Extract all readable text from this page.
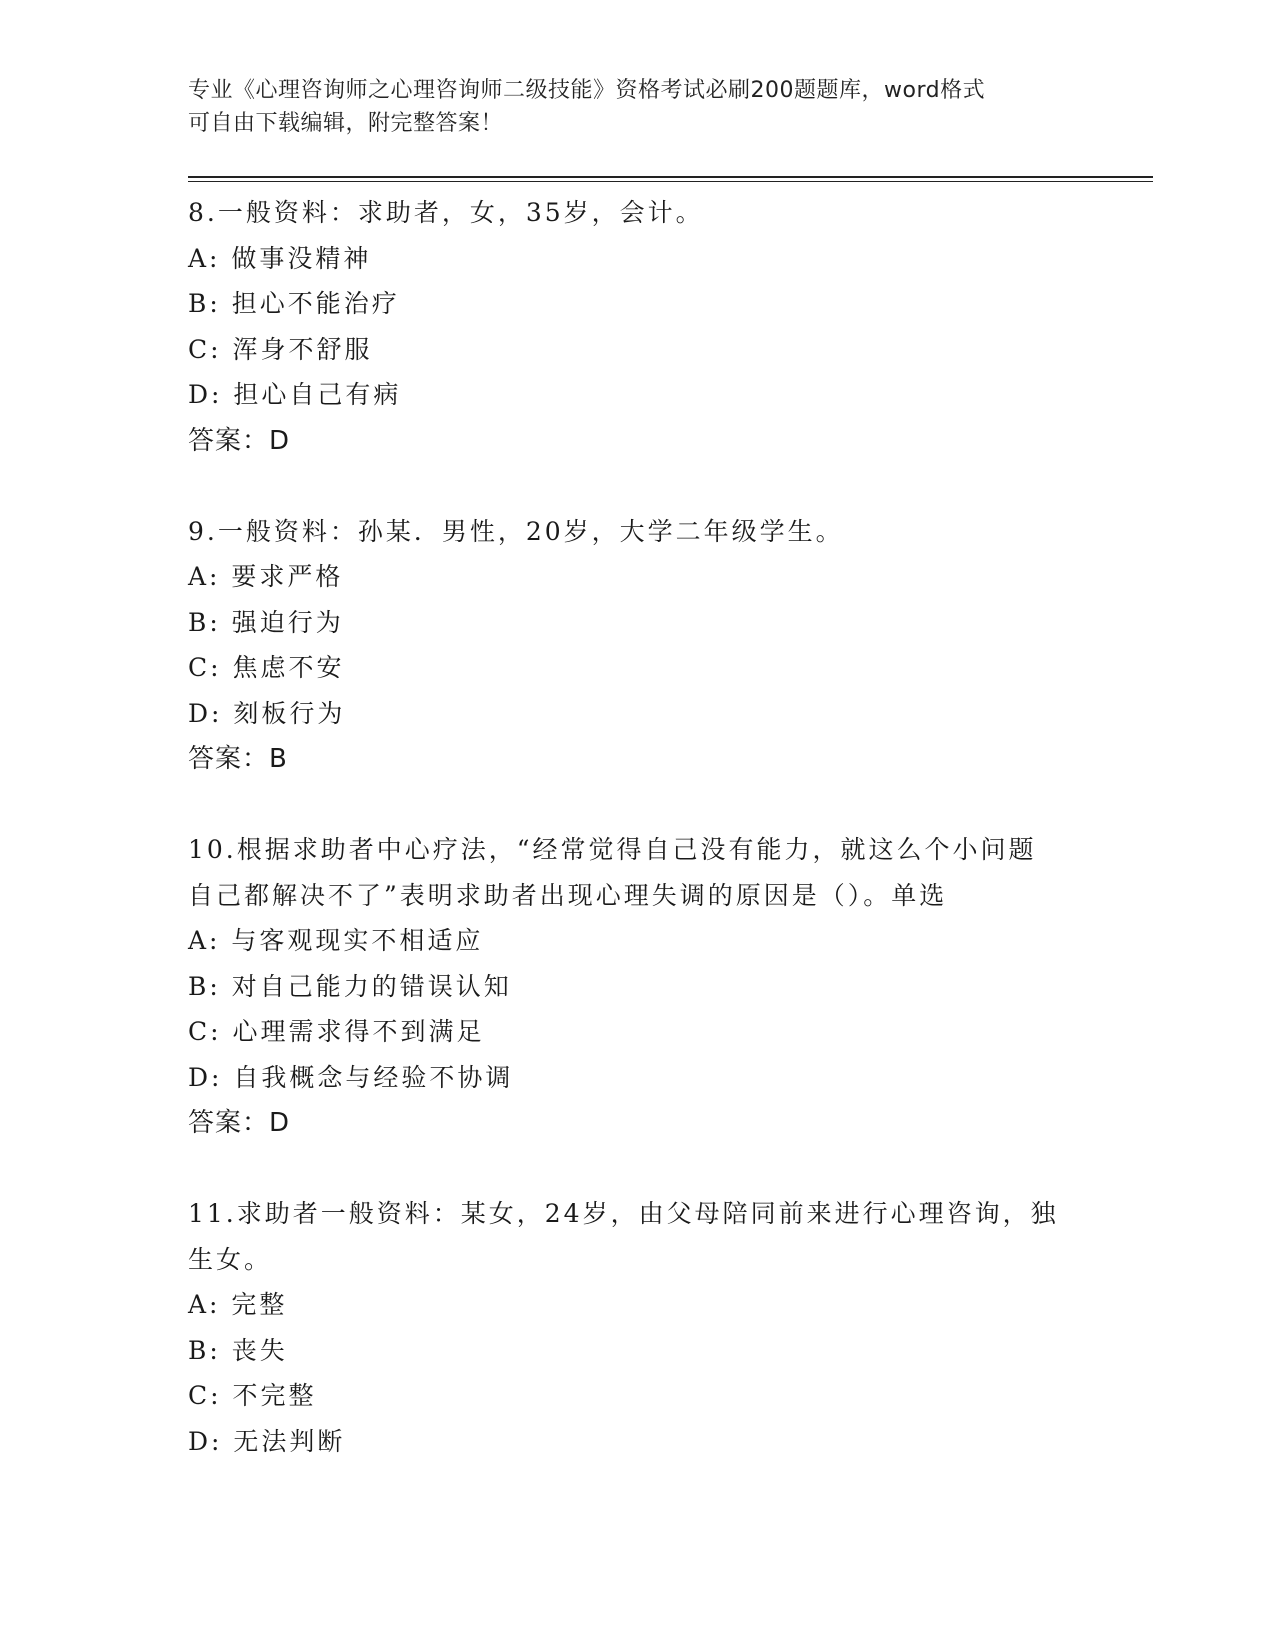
专业《心理咨询师之心理咨询师二级技能》资格考试必刷200题题库，word格式
可自由下载编辑，附完整答案！
8.一般资料：求助者，女，35岁，会计。
A: 做事没精神
B: 担心不能治疗
C: 浑身不舒服
D: 担心自己有病
答案：D
9.一般资料：孙某．男性，20岁，大学二年级学生。
A: 要求严格
B: 强迫行为
C: 焦虑不安
D: 刻板行为
答案：B
10.根据求助者中心疗法，“经常觉得自己没有能力，就这么个小问题
自己都解决不了”表明求助者出现心理失调的原因是（）。单选
A: 与客观现实不相适应
B: 对自己能力的错误认知
C: 心理需求得不到满足
D: 自我概念与经验不协调
答案：D
11.求助者一般资料：某女，24岁，由父母陪同前来进行心理咨询，独
生女。
A: 完整
B: 丧失
C: 不完整
D: 无法判断
